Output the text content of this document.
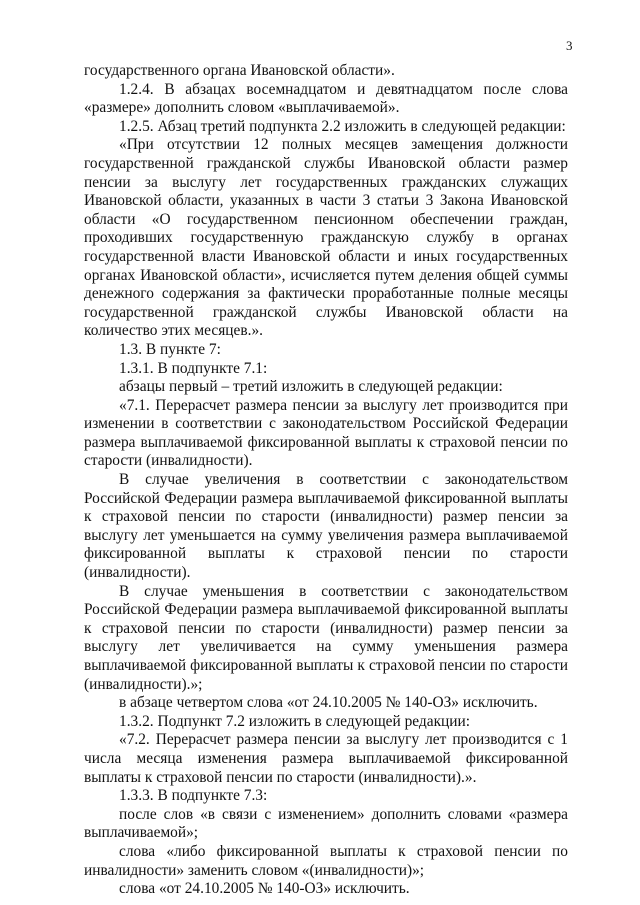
3

государственного органа Ивановской области».

1.2.4. В абзацах восемнадцатом и девятнадцатом после слова «размере» дополнить словом «выплачиваемой».

1.2.5. Абзац третий подпункта 2.2 изложить в следующей редакции:

«При отсутствии 12 полных месяцев замещения должности государственной гражданской службы Ивановской области размер пенсии за выслугу лет государственных гражданских служащих Ивановской области, указанных в части 3 статьи 3 Закона Ивановской области «О государственном пенсионном обеспечении граждан, проходивших государственную гражданскую службу в органах государственной власти Ивановской области и иных государственных органах Ивановской области», исчисляется путем деления общей суммы денежного содержания за фактически проработанные полные месяцы государственной гражданской службы Ивановской области на количество этих месяцев.».

1.3. В пункте 7:

1.3.1. В подпункте 7.1:

абзацы первый – третий изложить в следующей редакции:

«7.1. Перерасчет размера пенсии за выслугу лет производится при изменении в соответствии с законодательством Российской Федерации размера выплачиваемой фиксированной выплаты к страховой пенсии по старости (инвалидности).

В случае увеличения в соответствии с законодательством Российской Федерации размера выплачиваемой фиксированной выплаты к страховой пенсии по старости (инвалидности) размер пенсии за выслугу лет уменьшается на сумму увеличения размера выплачиваемой фиксированной выплаты к страховой пенсии по старости (инвалидности).

В случае уменьшения в соответствии с законодательством Российской Федерации размера выплачиваемой фиксированной выплаты к страховой пенсии по старости (инвалидности) размер пенсии за выслугу лет увеличивается на сумму уменьшения размера выплачиваемой фиксированной выплаты к страховой пенсии по старости (инвалидности).»;

в абзаце четвертом слова «от 24.10.2005 № 140-ОЗ» исключить.

1.3.2. Подпункт 7.2 изложить в следующей редакции:

«7.2. Перерасчет размера пенсии за выслугу лет производится с 1 числа месяца изменения размера выплачиваемой фиксированной выплаты к страховой пенсии по старости (инвалидности).».

1.3.3. В подпункте 7.3:

после слов «в связи с изменением» дополнить словами «размера выплачиваемой»;

слова «либо фиксированной выплаты к страховой пенсии по инвалидности» заменить словом «(инвалидности)»;

слова «от 24.10.2005 № 140-ОЗ» исключить.
